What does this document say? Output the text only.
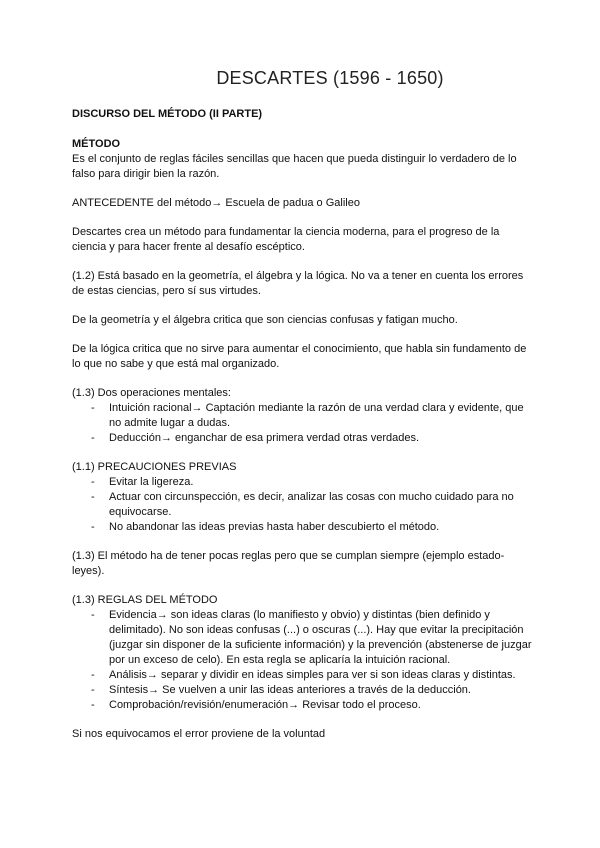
DESCARTES (1596 - 1650)

DISCURSO DEL MÉTODO (II PARTE)

MÉTODO

Es el conjunto de reglas fáciles sencillas que hacen que pueda distinguir lo verdadero de lo falso para dirigir bien la razón.

ANTECEDENTE del método→ Escuela de padua o Galileo

Descartes crea un método para fundamentar la ciencia moderna, para el progreso de la ciencia y para hacer frente al desafío escéptico.

(1.2) Está basado en la geometría, el álgebra y la lógica. No va a tener en cuenta los errores de estas ciencias, pero sí sus virtudes.

De la geometría y el álgebra critica que son ciencias confusas y fatigan mucho.

De la lógica critica que no sirve para aumentar el conocimiento, que habla sin fundamento de lo que no sabe y que está mal organizado.

(1.3) Dos operaciones mentales:

- Intuición racional→ Captación mediante la razón de una verdad clara y evidente, que no admite lugar a dudas.
- Deducción→ enganchar de esa primera verdad otras verdades.

(1.1) PRECAUCIONES PREVIAS

- Evitar la ligereza.
- Actuar con circunspección, es decir, analizar las cosas con mucho cuidado para no equivocarse.
- No abandonar las ideas previas hasta haber descubierto el método.

(1.3) El método ha de tener pocas reglas pero que se cumplan siempre (ejemplo estado-leyes).

(1.3) REGLAS DEL MÉTODO

- Evidencia→ son ideas claras (lo manifiesto y obvio) y distintas (bien definido y delimitado). No son ideas confusas (...) o oscuras (...). Hay que evitar la precipitación (juzgar sin disponer de la suficiente información) y la prevención (abstenerse de juzgar por un exceso de celo). En esta regla se aplicaría la intuición racional.
- Análisis→ separar y dividir en ideas simples para ver si son ideas claras y distintas.
- Síntesis→ Se vuelven a unir las ideas anteriores a través de la deducción.
- Comprobación/revisión/enumeración→ Revisar todo el proceso.

Si nos equivocamos el error proviene de la voluntad
